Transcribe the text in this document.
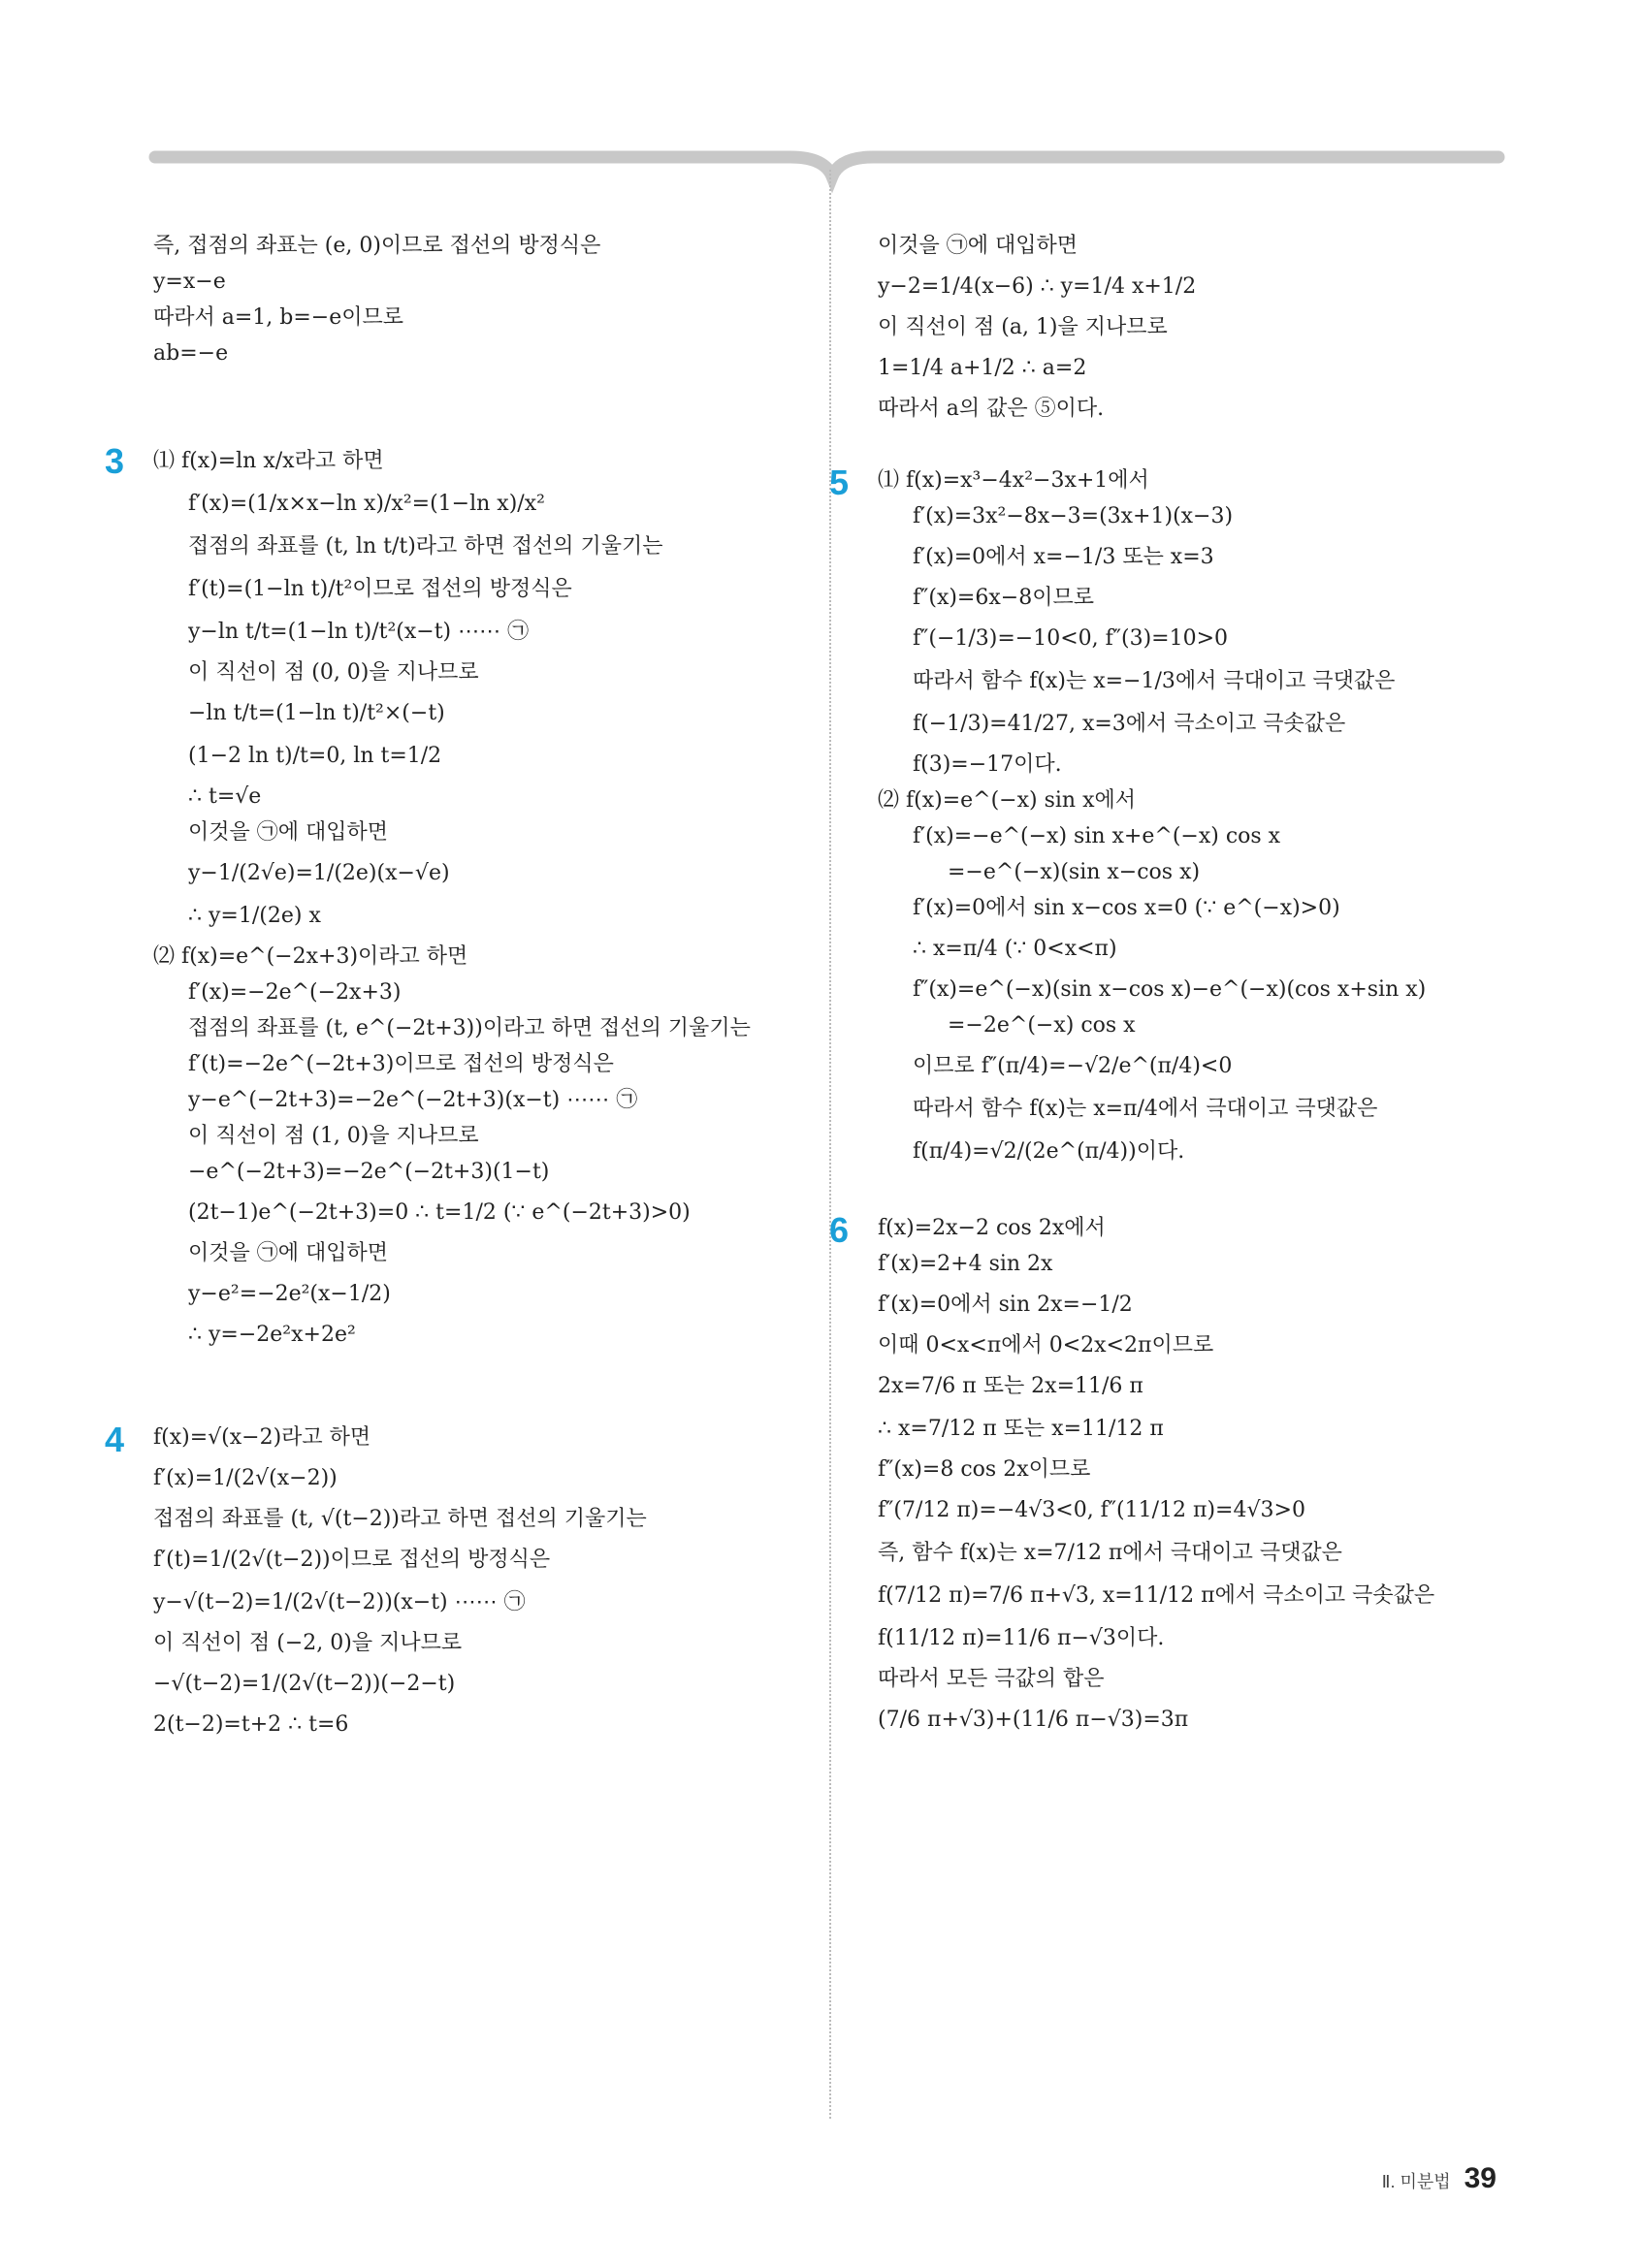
즉, 접점의 좌표는 (e, 0)이므로 접선의 방정식은
y=x−e
따라서 a=1, b=−e이므로
ab=−e
3 ⑴ f(x)=ln x/x라고 하면
f′(x)=(1/x×x−ln x)/x²=(1−ln x)/x²
접점의 좌표를 (t, ln t/t)라고 하면 접선의 기울기는
f′(t)=(1−ln t)/t²이므로 접선의 방정식은
y−ln t/t=(1−ln t)/t²(x−t) ⋯⋯ ㉠
이 직선이 점 (0, 0)을 지나므로
−ln t/t=(1−ln t)/t²×(−t)
(1−2 ln t)/t=0, ln t=1/2
∴ t=√e
이것을 ㉠에 대입하면
y−1/(2√e)=1/(2e)(x−√e)
∴ y=1/(2e) x
⑵ f(x)=e^(−2x+3)이라고 하면
f′(x)=−2e^(−2x+3)
접점의 좌표를 (t, e^(−2t+3))이라고 하면 접선의 기울기는
f′(t)=−2e^(−2t+3)이므로 접선의 방정식은
y−e^(−2t+3)=−2e^(−2t+3)(x−t) ⋯⋯ ㉠
이 직선이 점 (1, 0)을 지나므로
−e^(−2t+3)=−2e^(−2t+3)(1−t)
(2t−1)e^(−2t+3)=0 ∴ t=1/2 (∵ e^(−2t+3)>0)
이것을 ㉠에 대입하면
y−e²=−2e²(x−1/2)
∴ y=−2e²x+2e²
4 f(x)=√(x−2)라고 하면
f′(x)=1/(2√(x−2))
접점의 좌표를 (t, √(t−2))라고 하면 접선의 기울기는
f′(t)=1/(2√(t−2))이므로 접선의 방정식은
y−√(t−2)=1/(2√(t−2))(x−t) ⋯⋯ ㉠
이 직선이 점 (−2, 0)을 지나므로
−√(t−2)=1/(2√(t−2))(−2−t)
2(t−2)=t+2 ∴ t=6
이것을 ㉠에 대입하면
y−2=1/4(x−6) ∴ y=1/4 x+1/2
이 직선이 점 (a, 1)을 지나므로
1=1/4 a+1/2 ∴ a=2
따라서 a의 값은 ⑤이다.
5 ⑴ f(x)=x³−4x²−3x+1에서
f′(x)=3x²−8x−3=(3x+1)(x−3)
f′(x)=0에서 x=−1/3 또는 x=3
f″(x)=6x−8이므로
f″(−1/3)=−10<0, f″(3)=10>0
따라서 함수 f(x)는 x=−1/3에서 극대이고 극댓값은
f(−1/3)=41/27, x=3에서 극소이고 극솟값은
f(3)=−17이다.
⑵ f(x)=e^(−x) sin x에서
f′(x)=−e^(−x) sin x+e^(−x) cos x
=−e^(−x)(sin x−cos x)
f′(x)=0에서 sin x−cos x=0 (∵ e^(−x)>0)
∴ x=π/4 (∵ 0<x<π)
f″(x)=e^(−x)(sin x−cos x)−e^(−x)(cos x+sin x)
=−2e^(−x) cos x
이므로 f″(π/4)=−√2/e^(π/4)<0
따라서 함수 f(x)는 x=π/4에서 극대이고 극댓값은
f(π/4)=√2/(2e^(π/4))이다.
6 f(x)=2x−2 cos 2x에서
f′(x)=2+4 sin 2x
f′(x)=0에서 sin 2x=−1/2
이때 0<x<π에서 0<2x<2π이므로
2x=7/6 π 또는 2x=11/6 π
∴ x=7/12 π 또는 x=11/12 π
f″(x)=8 cos 2x이므로
f″(7/12 π)=−4√3<0, f″(11/12 π)=4√3>0
즉, 함수 f(x)는 x=7/12 π에서 극대이고 극댓값은
f(7/12 π)=7/6 π+√3, x=11/12 π에서 극소이고 극솟값은
f(11/12 π)=11/6 π−√3이다.
따라서 모든 극값의 합은
(7/6 π+√3)+(11/6 π−√3)=3π
Ⅱ. 미분법 39
